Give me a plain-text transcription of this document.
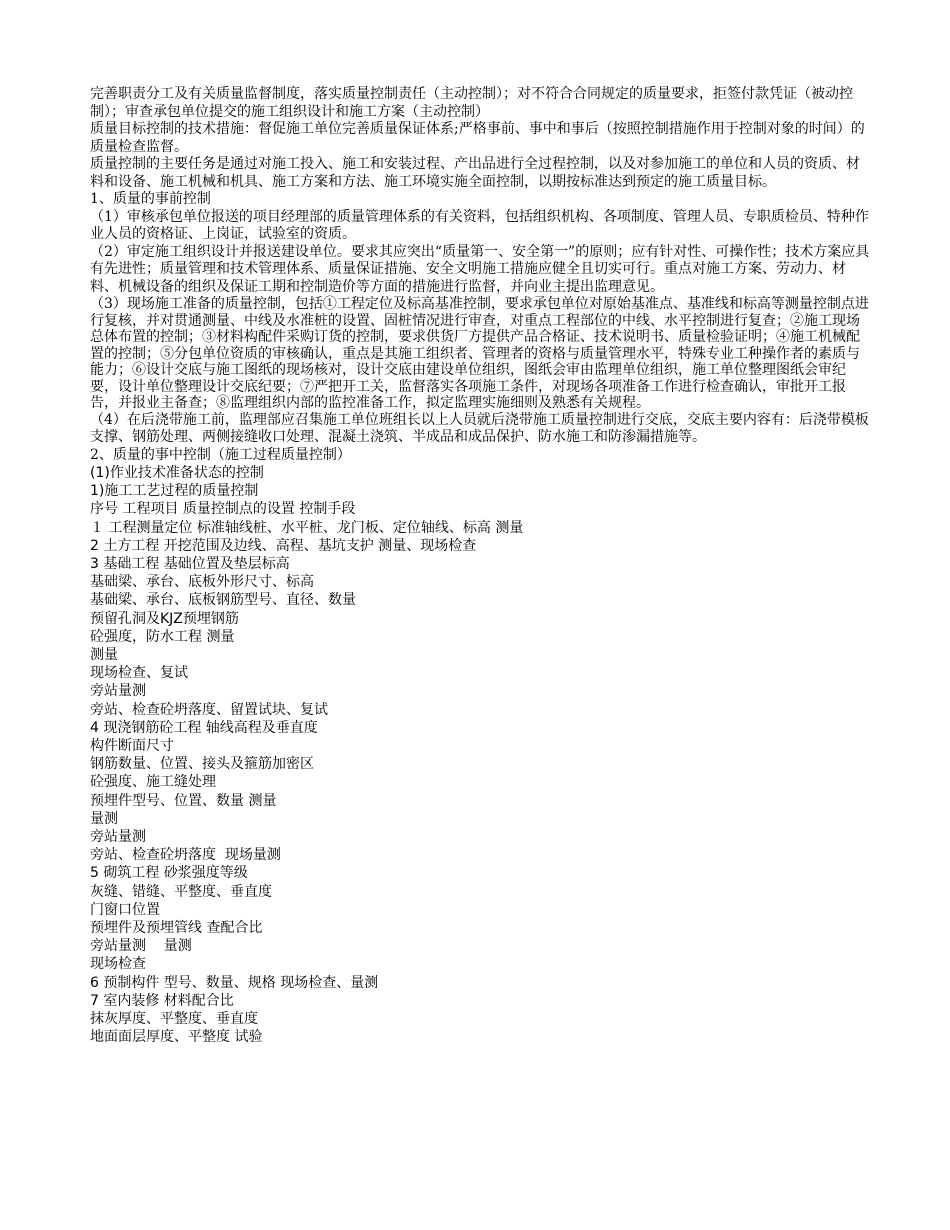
完善职责分工及有关质量监督制度，落实质量控制责任（主动控制）；对不符合合同规定的质量要求，拒签付款凭证（被动控制）；审查承包单位提交的施工组织设计和施工方案（主动控制）

质量目标控制的技术措施：督促施工单位完善质量保证体系;严格事前、事中和事后（按照控制措施作用于控制对象的时间）的质量检查监督。

质量控制的主要任务是通过对施工投入、施工和安装过程、产出品进行全过程控制，以及对参加施工的单位和人员的资质、材料和设备、施工机械和机具、施工方案和方法、施工环境实施全面控制，以期按标准达到预定的施工质量目标。

1、质量的事前控制

（1）审核承包单位报送的项目经理部的质量管理体系的有关资料，包括组织机构、各项制度、管理人员、专职质检员、特种作业人员的资格证、上岗证，试验室的资质。

（2）审定施工组织设计并报送建设单位。要求其应突出“质量第一、安全第一”的原则；应有针对性、可操作性；技术方案应具有先进性；质量管理和技术管理体系、质量保证措施、安全文明施工措施应健全且切实可行。重点对施工方案、劳动力、材料、机械设备的组织及保证工期和控制造价等方面的措施进行监督，并向业主提出监理意见。

（3）现场施工准备的质量控制，包括①工程定位及标高基准控制，要求承包单位对原始基准点、基准线和标高等测量控制点进行复核，并对贯通测量、中线及水准桩的设置、固桩情况进行审查，对重点工程部位的中线、水平控制进行复查；②施工现场总体布置的控制；③材料构配件采购订货的控制，要求供货厂方提供产品合格证、技术说明书、质量检验证明；④施工机械配置的控制；⑤分包单位资质的审核确认，重点是其施工组织者、管理者的资格与质量管理水平，特殊专业工种操作者的素质与能力；⑥设计交底与施工图纸的现场核对，设计交底由建设单位组织，图纸会审由监理单位组织，施工单位整理图纸会审纪要，设计单位整理设计交底纪要；⑦严把开工关，监督落实各项施工条件，对现场各项准备工作进行检查确认，审批开工报告，并报业主备查；⑧监理组织内部的监控准备工作，拟定监理实施细则及熟悉有关规程。

（4）在后浇带施工前，监理部应召集施工单位班组长以上人员就后浇带施工质量控制进行交底，交底主要内容有：后浇带模板支撑、钢筋处理、两侧接缝收口处理、混凝土浇筑、半成品和成品保护、防水施工和防渗漏措施等。

2、质量的事中控制（施工过程质量控制）

(1)作业技术准备状态的控制

1)施工工艺过程的质量控制

序号 工程项目 质量控制点的设置 控制手段

１ 工程测量定位 标准轴线桩、水平桩、龙门板、定位轴线、标高 测量

2 土方工程 开挖范围及边线、高程、基坑支护 测量、现场检查

3 基础工程 基础位置及垫层标高

基础梁、承台、底板外形尺寸、标高

基础梁、承台、底板钢筋型号、直径、数量

预留孔洞及KJZ预埋钢筋

砼强度，防水工程 测量

测量

现场检查、复试

旁站量测

旁站、检查砼坍落度、留置试块、复试

4 现浇钢筋砼工程 轴线高程及垂直度

构件断面尺寸

钢筋数量、位置、接头及箍筋加密区

砼强度、施工缝处理

预埋件型号、位置、数量 测量

量测

旁站量测

旁站、检查砼坍落度  现场量测

5 砌筑工程 砂浆强度等级

灰缝、错缝、平整度、垂直度

门窗口位置

预埋件及预埋管线 查配合比

旁站量测    量测

现场检查

6 预制构件 型号、数量、规格 现场检查、量测

7 室内装修 材料配合比

抹灰厚度、平整度、垂直度

地面面层厚度、平整度 试验
